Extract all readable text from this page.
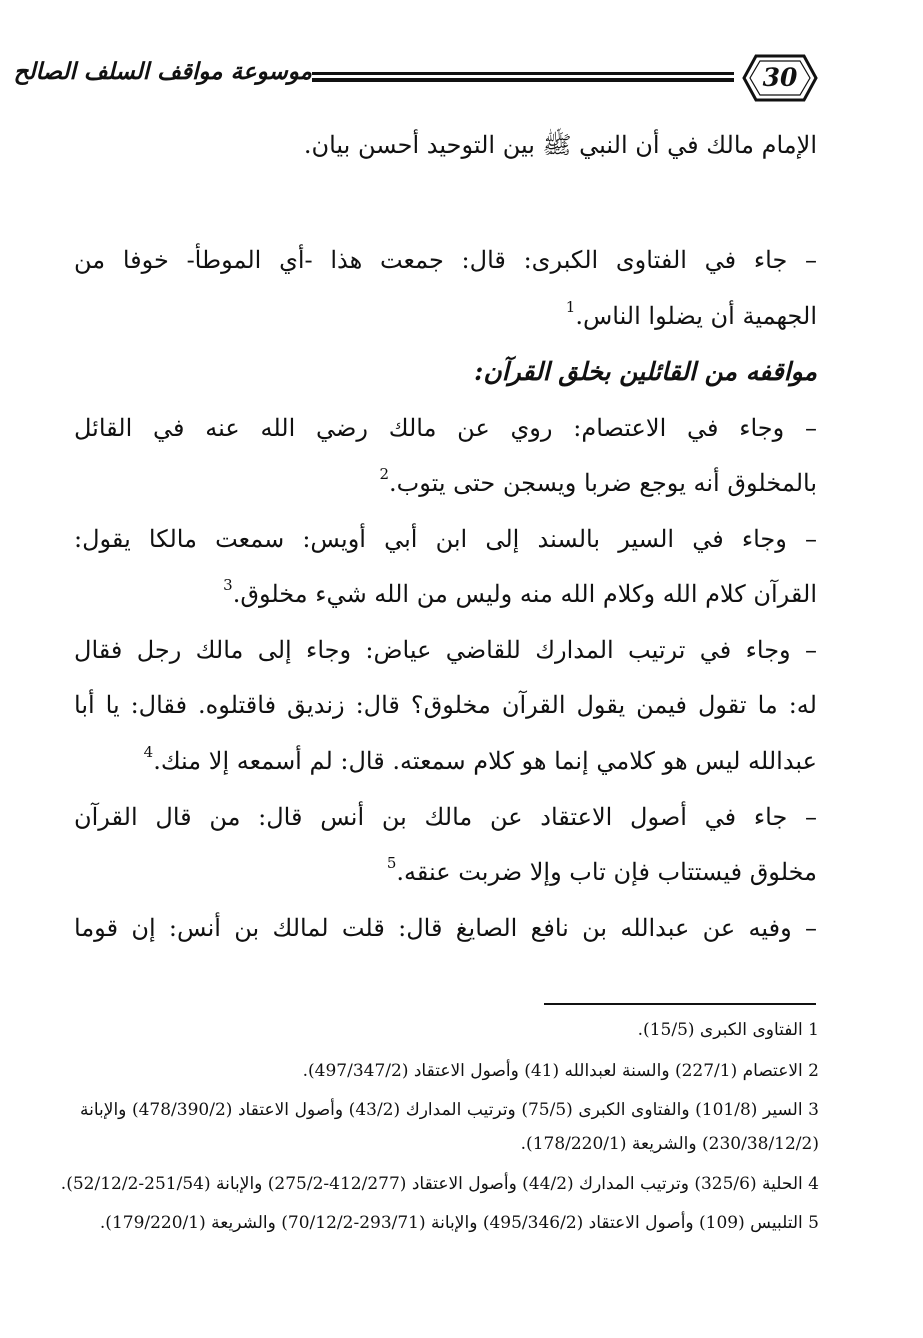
موسوعة مواقف السلف الصالح	30
الإمام مالك في أن النبي ﷺ بين التوحيد أحسن بيان.
– جاء في الفتاوى الكبرى: قال: جمعت هذا -أي الموطأ- خوفا من
الجهمية أن يضلوا الناس.$^1$
مواقفه من القائلين بخلق القرآن:
– وجاء في الاعتصام: روي عن مالك رضي الله عنه في القائل
بالمخلوق أنه يوجع ضربا ويسجن حتى يتوب.$^2$
– وجاء في السير بالسند إلى ابن أبي أويس: سمعت مالكا يقول:
القرآن كلام الله وكلام الله منه وليس من الله شيء مخلوق.$^3$
– وجاء في ترتيب المدارك للقاضي عياض: وجاء إلى مالك رجل فقال
له: ما تقول فيمن يقول القرآن مخلوق؟ قال: زنديق فاقتلوه. فقال: يا أبا
عبدالله ليس هو كلامي إنما هو كلام سمعته. قال: لم أسمعه إلا منك.$^4$
– جاء في أصول الاعتقاد عن مالك بن أنس قال: من قال القرآن
مخلوق فيستتاب فإن تاب وإلا ضربت عنقه.$^5$
– وفيه عن عبدالله بن نافع الصايغ قال: قلت لمالك بن أنس: إن قوما
1 الفتاوى الكبرى (15/5).
2 الاعتصام (227/1) والسنة لعبدالله (41) وأصول الاعتقاد (497/347/2).
3 السير (101/8) والفتاوى الكبرى (75/5) وترتيب المدارك (43/2) وأصول الاعتقاد (478/390/2) والإبانة
(230/38/12/2) والشريعة (178/220/1).
4 الحلية (325/6) وترتيب المدارك (44/2) وأصول الاعتقاد (412/277-275/2) والإبانة (251/54-52/12/2).
5 التلبيس (109) وأصول الاعتقاد (495/346/2) والإبانة (293/71-70/12/2) والشريعة (179/220/1).
